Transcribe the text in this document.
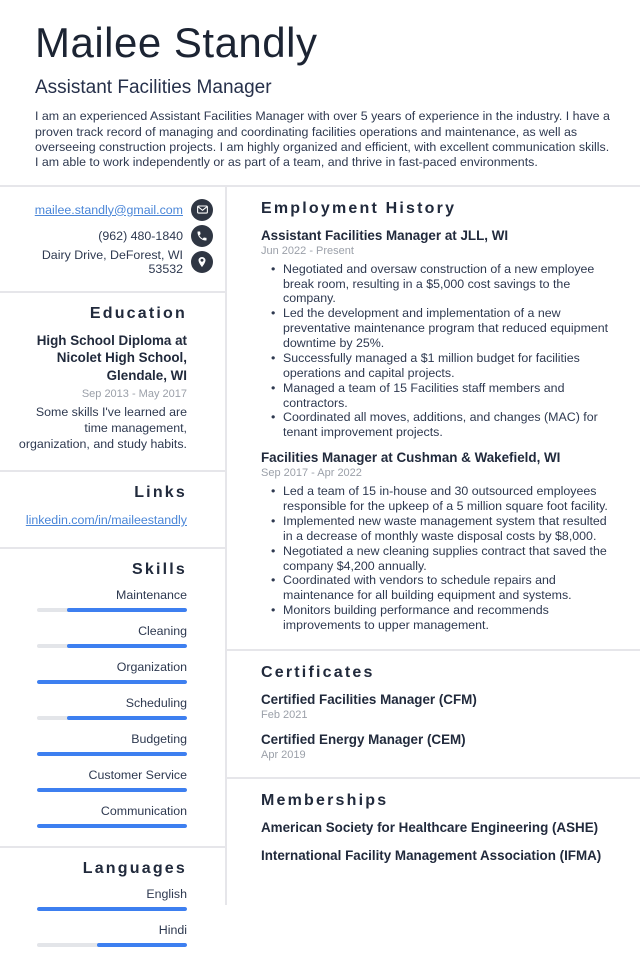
Mailee Standly
Assistant Facilities Manager
I am an experienced Assistant Facilities Manager with over 5 years of experience in the industry. I have a proven track record of managing and coordinating facilities operations and maintenance, as well as overseeing construction projects. I am highly organized and efficient, with excellent communication skills. I am able to work independently or as part of a team, and thrive in fast-paced environments.
mailee.standly@gmail.com
(962) 480-1840
Dairy Drive, DeForest, WI 53532
Education
High School Diploma at Nicolet High School, Glendale, WI
Sep 2013 - May 2017
Some skills I've learned are time management, organization, and study habits.
Links
linkedin.com/in/maileestandly
Skills
Maintenance
Cleaning
Organization
Scheduling
Budgeting
Customer Service
Communication
Languages
English
Hindi
Employment History
Assistant Facilities Manager at JLL, WI
Jun 2022 - Present
• Negotiated and oversaw construction of a new employee break room, resulting in a $5,000 cost savings to the company.
• Led the development and implementation of a new preventative maintenance program that reduced equipment downtime by 25%.
• Successfully managed a $1 million budget for facilities operations and capital projects.
• Managed a team of 15 Facilities staff members and contractors.
• Coordinated all moves, additions, and changes (MAC) for tenant improvement projects.
Facilities Manager at Cushman & Wakefield, WI
Sep 2017 - Apr 2022
• Led a team of 15 in-house and 30 outsourced employees responsible for the upkeep of a 5 million square foot facility.
• Implemented new waste management system that resulted in a decrease of monthly waste disposal costs by $8,000.
• Negotiated a new cleaning supplies contract that saved the company $4,200 annually.
• Coordinated with vendors to schedule repairs and maintenance for all building equipment and systems.
• Monitors building performance and recommends improvements to upper management.
Certificates
Certified Facilities Manager (CFM)
Feb 2021
Certified Energy Manager (CEM)
Apr 2019
Memberships
American Society for Healthcare Engineering (ASHE)
International Facility Management Association (IFMA)
